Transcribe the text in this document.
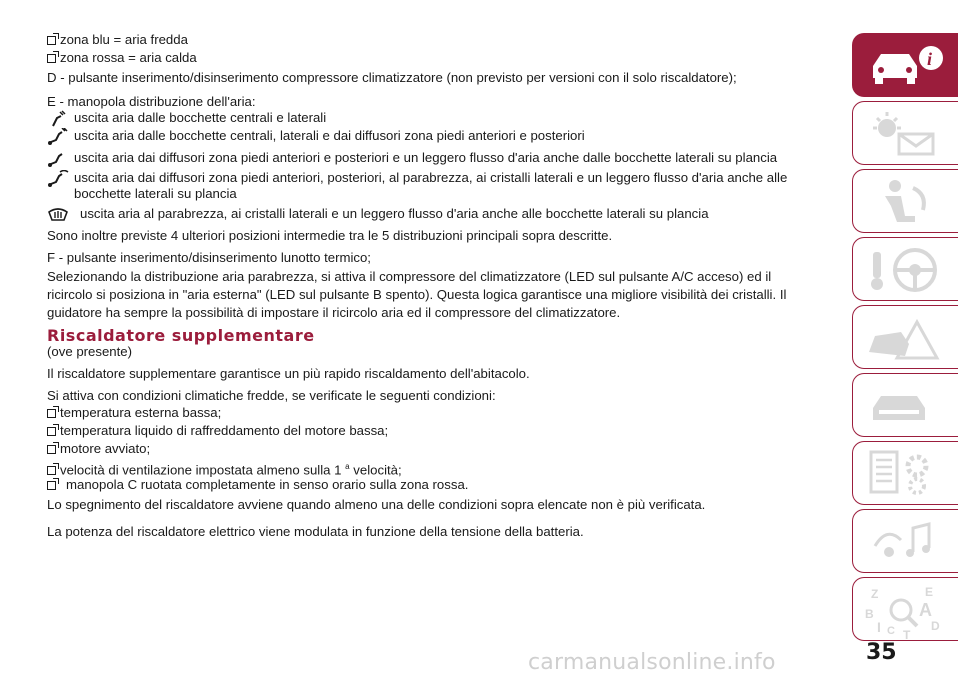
zona blu = aria fredda
zona rossa = aria calda
D - pulsante inserimento/disinserimento compressore climatizzatore (non previsto per versioni con il solo riscaldatore);
E - manopola distribuzione dell'aria:
uscita aria dalle bocchette centrali e laterali
uscita aria dalle bocchette centrali, laterali e dai diffusori zona piedi anteriori e posteriori
uscita aria dai diffusori zona piedi anteriori e posteriori e un leggero flusso d'aria anche dalle bocchette laterali su plancia
uscita aria dai diffusori zona piedi anteriori, posteriori, al parabrezza, ai cristalli laterali e un leggero flusso d'aria anche alle bocchette laterali su plancia
uscita aria al parabrezza, ai cristalli laterali e un leggero flusso d'aria anche alle bocchette laterali su plancia
Sono inoltre previste 4 ulteriori posizioni intermedie tra le 5 distribuzioni principali sopra descritte.
F - pulsante inserimento/disinserimento lunotto termico;
Selezionando la distribuzione aria parabrezza, si attiva il compressore del climatizzatore (LED sul pulsante A/C acceso) ed il
ricircolo si posiziona in "aria esterna" (LED sul pulsante B spento). Questa logica garantisce una migliore visibilità dei cristalli. Il
guidatore ha sempre la possibilità di impostare il ricircolo aria ed il compressore del climatizzatore.
Riscaldatore supplementare
(ove presente)
Il riscaldatore supplementare garantisce un più rapido riscaldamento dell'abitacolo.
Si attiva con condizioni climatiche fredde, se verificate le seguenti condizioni:
temperatura esterna bassa;
temperatura liquido di raffreddamento del motore bassa;
motore avviato;
velocità di ventilazione impostata almeno sulla 1 $^a$ velocità;
manopola C ruotata completamente in senso orario sulla zona rossa.
Lo spegnimento del riscaldatore avviene quando almeno una delle condizioni sopra elencate non è più verificata.
La potenza del riscaldatore elettrico viene modulata in funzione della tensione della batteria.
i
Z	E
B
C
A
I	D
T
35
carmanualsonline.info
